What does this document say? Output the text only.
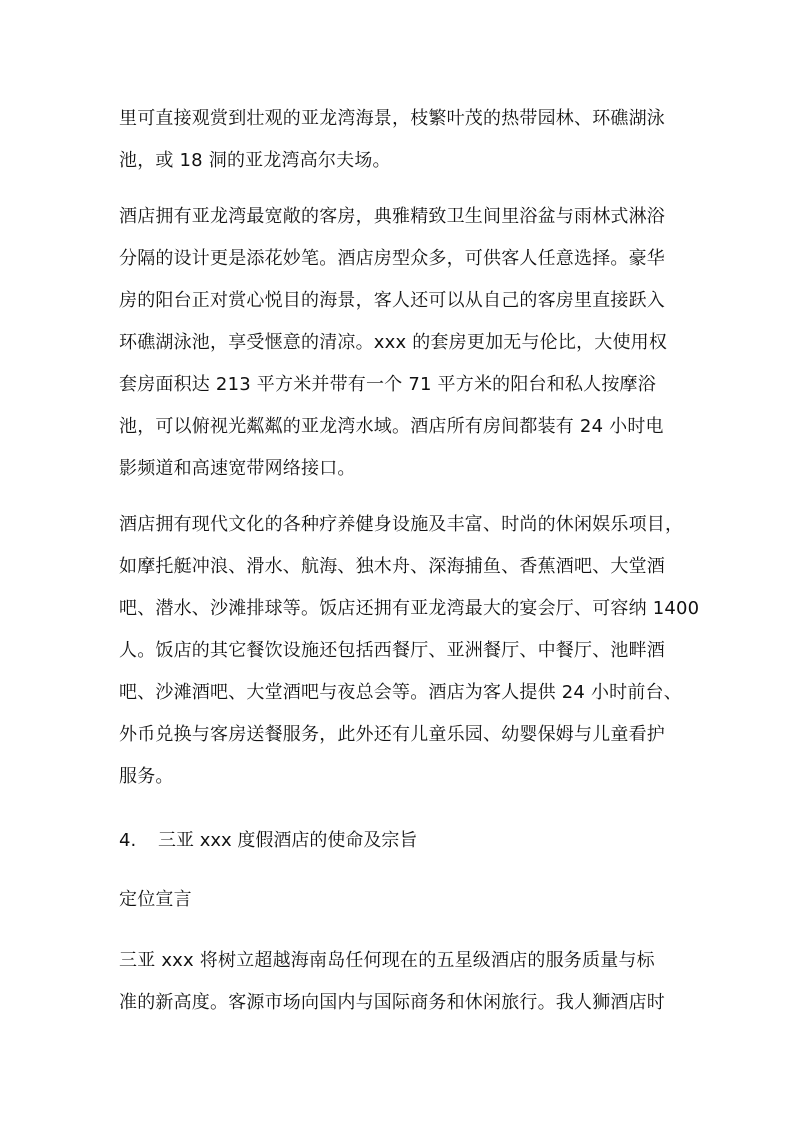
里可直接观赏到壮观的亚龙湾海景，枝繁叶茂的热带园林、环礁湖泳
池，或 18 洞的亚龙湾高尔夫场。
酒店拥有亚龙湾最宽敞的客房，典雅精致卫生间里浴盆与雨林式淋浴
分隔的设计更是添花妙笔。酒店房型众多，可供客人任意选择。豪华
房的阳台正对赏心悦目的海景，客人还可以从自己的客房里直接跃入
环礁湖泳池，享受惬意的清凉。xxx 的套房更加无与伦比，大使用权
套房面积达 213 平方米并带有一个 71 平方米的阳台和私人按摩浴
池，可以俯视光粼粼的亚龙湾水域。酒店所有房间都装有 24 小时电
影频道和高速宽带网络接口。
酒店拥有现代文化的各种疗养健身设施及丰富、时尚的休闲娱乐项目，
如摩托艇冲浪、滑水、航海、独木舟、深海捕鱼、香蕉酒吧、大堂酒
吧、潜水、沙滩排球等。饭店还拥有亚龙湾最大的宴会厅、可容纳 1400
人。饭店的其它餐饮设施还包括西餐厅、亚洲餐厅、中餐厅、池畔酒
吧、沙滩酒吧、大堂酒吧与夜总会等。酒店为客人提供 24 小时前台、
外币兑换与客房送餐服务，此外还有儿童乐园、幼婴保姆与儿童看护
服务。
4. 三亚 xxx 度假酒店的使命及宗旨
定位宣言
三亚 xxx 将树立超越海南岛任何现在的五星级酒店的服务质量与标
准的新高度。客源市场向国内与国际商务和休闲旅行。我人狮酒店时
